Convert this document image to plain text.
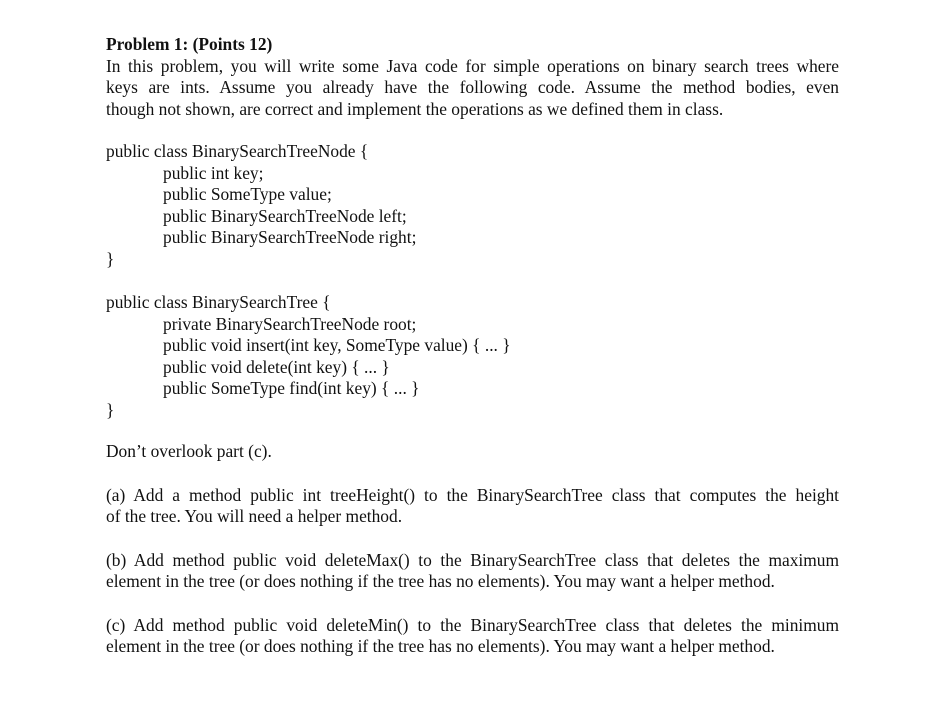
Problem 1: (Points 12)
In this problem, you will write some Java code for simple operations on binary search trees where
keys are ints. Assume you already have the following code. Assume the method bodies, even
though not shown, are correct and implement the operations as we defined them in class.
public class BinarySearchTreeNode {
public int key;
public SomeType value;
public BinarySearchTreeNode left;
public BinarySearchTreeNode right;
}
public class BinarySearchTree {
private BinarySearchTreeNode root;
public void insert(int key, SomeType value) { ... }
public void delete(int key) { ... }
public SomeType find(int key) { ... }
}
Don’t overlook part (c).
(a) Add a method public int treeHeight() to the BinarySearchTree class that computes the height
of the tree. You will need a helper method.
(b) Add method public void deleteMax() to the BinarySearchTree class that deletes the maximum
element in the tree (or does nothing if the tree has no elements). You may want a helper method.
(c) Add method public void deleteMin() to the BinarySearchTree class that deletes the minimum
element in the tree (or does nothing if the tree has no elements). You may want a helper method.
